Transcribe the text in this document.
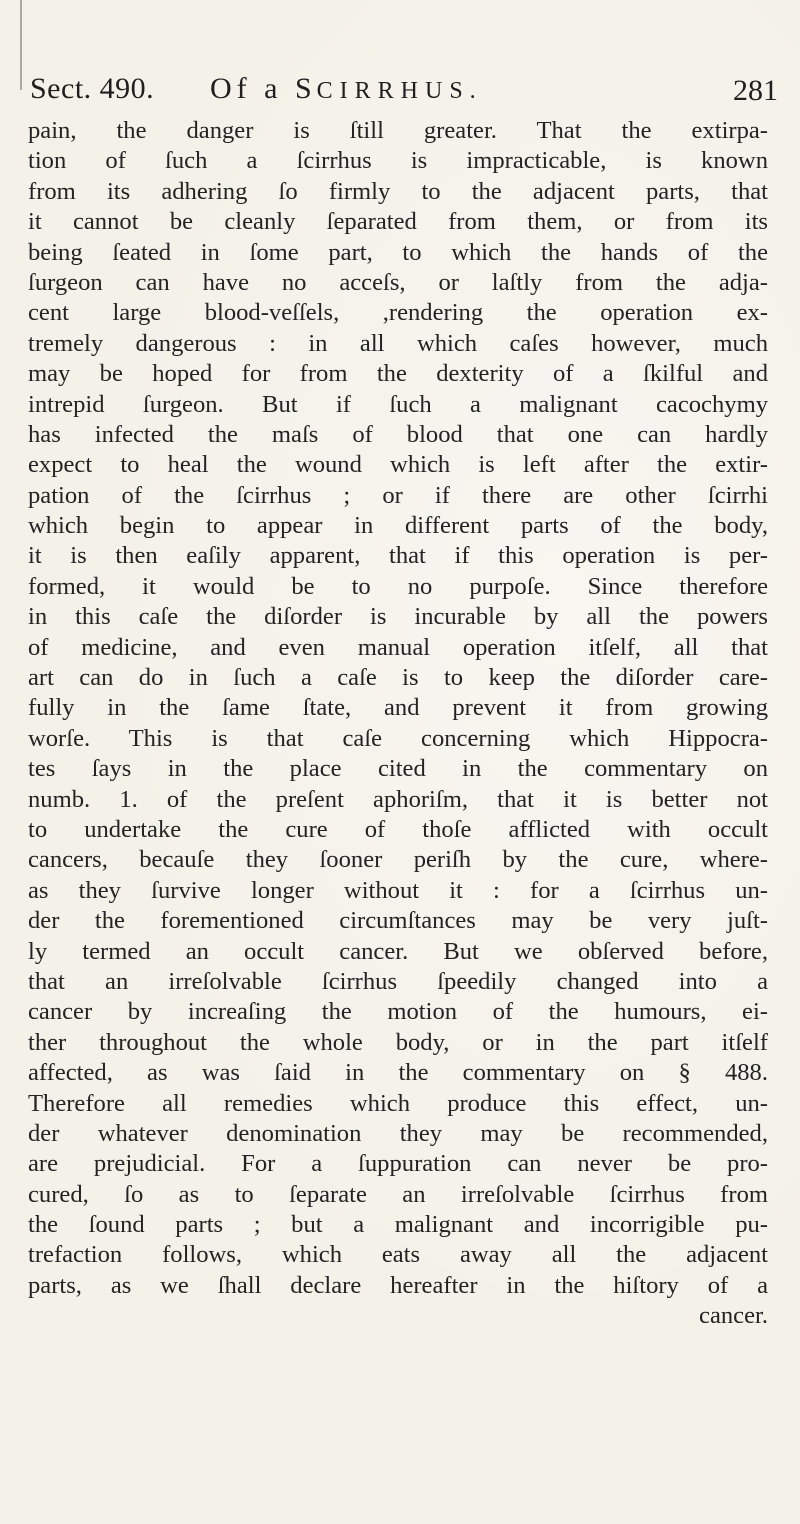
Sect. 490. Of a SCIRRHUS.	281
pain, the danger is ſtill greater. That the extirpa-
tion of ſuch a ſcirrhus is impracticable, is known
from its adhering ſo firmly to the adjacent parts, that
it cannot be cleanly ſeparated from them, or from its
being ſeated in ſome part, to which the hands of the
ſurgeon can have no acceſs, or laſtly from the adja-
cent large blood-veſſels, ,rendering the operation ex-
tremely dangerous : in all which caſes however, much
may be hoped for from the dexterity of a ſkilful and
intrepid ſurgeon. But if ſuch a malignant cacochymy
has infected the maſs of blood that one can hardly
expect to heal the wound which is left after the extir-
pation of the ſcirrhus ; or if there are other ſcirrhi
which begin to appear in different parts of the body,
it is then eaſily apparent, that if this operation is per-
formed, it would be to no purpoſe. Since therefore
in this caſe the diſorder is incurable by all the powers
of medicine, and even manual operation itſelf, all that
art can do in ſuch a caſe is to keep the diſorder care-
fully in the ſame ſtate, and prevent it from growing
worſe. This is that caſe concerning which Hippocra-
tes ſays in the place cited in the commentary on
numb. 1. of the preſent aphoriſm, that it is better not
to undertake the cure of thoſe afflicted with occult
cancers, becauſe they ſooner periſh by the cure, where-
as they ſurvive longer without it : for a ſcirrhus un-
der the forementioned circumſtances may be very juſt-
ly termed an occult cancer. But we obſerved before,
that an irreſolvable ſcirrhus ſpeedily changed into a
cancer by increaſing the motion of the humours, ei-
ther throughout the whole body, or in the part itſelf
affected, as was ſaid in the commentary on § 488.
Therefore all remedies which produce this effect, un-
der whatever denomination they may be recommended,
are prejudicial. For a ſuppuration can never be pro-
cured, ſo as to ſeparate an irreſolvable ſcirrhus from
the ſound parts ; but a malignant and incorrigible pu-
trefaction follows, which eats away all the adjacent
parts, as we ſhall declare hereafter in the hiſtory of a
cancer.
